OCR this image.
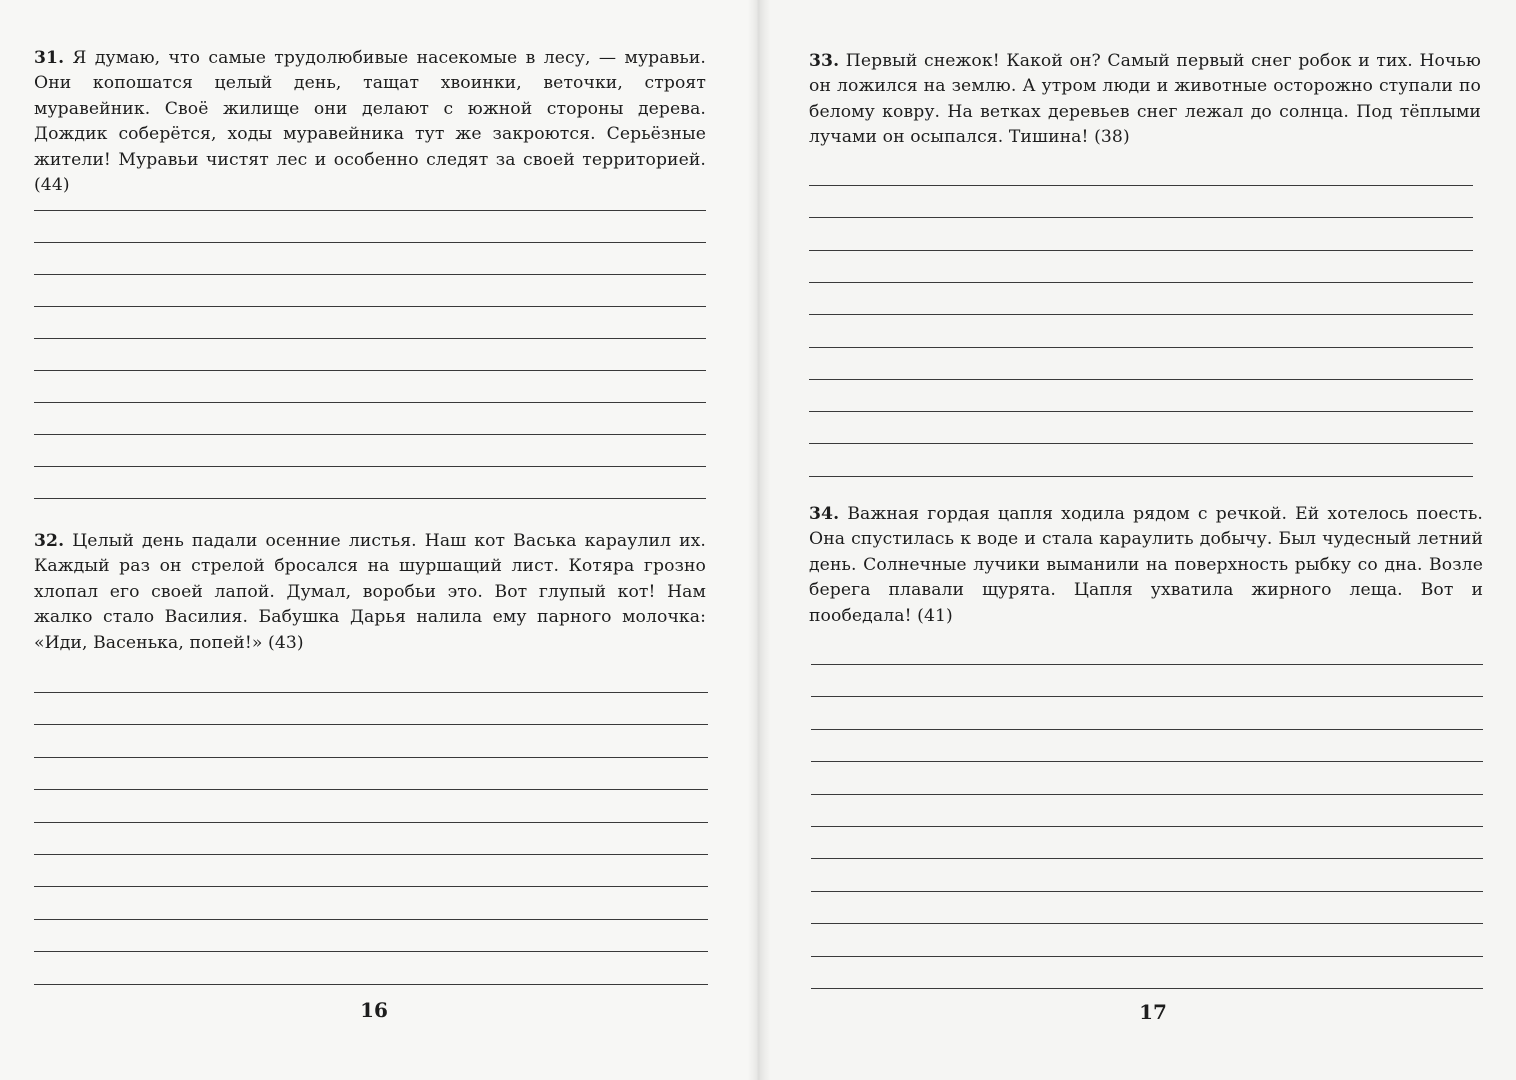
31. Я думаю, что самые трудолюбивые насекомые в лесу, — муравьи. Они копошатся целый день, тащат хвоинки, веточки, строят муравейник. Своё жилище они делают с южной стороны дерева. Дождик соберётся, ходы муравейника тут же закроются. Серьёзные жители! Муравьи чистят лес и особенно следят за своей территорией. (44)

32. Целый день падали осенние листья. Наш кот Васька караулил их. Каждый раз он стрелой бросался на шуршащий лист. Котяра грозно хлопал его своей лапой. Думал, воробьи это. Вот глупый кот! Нам жалко стало Василия. Бабушка Дарья налила ему парного молочка: «Иди, Васенька, попей!» (43)

16

33. Первый снежок! Какой он? Самый первый снег робок и тих. Ночью он ложился на землю. А утром люди и животные осторожно ступали по белому ковру. На ветках деревьев снег лежал до солнца. Под тёплыми лучами он осыпался. Тишина! (38)

34. Важная гордая цапля ходила рядом с речкой. Ей хотелось поесть. Она спустилась к воде и стала караулить добычу. Был чудесный летний день. Солнечные лучики выманили на поверхность рыбку со дна. Возле берега плавали щурята. Цапля ухватила жирного леща. Вот и пообедала! (41)

17
